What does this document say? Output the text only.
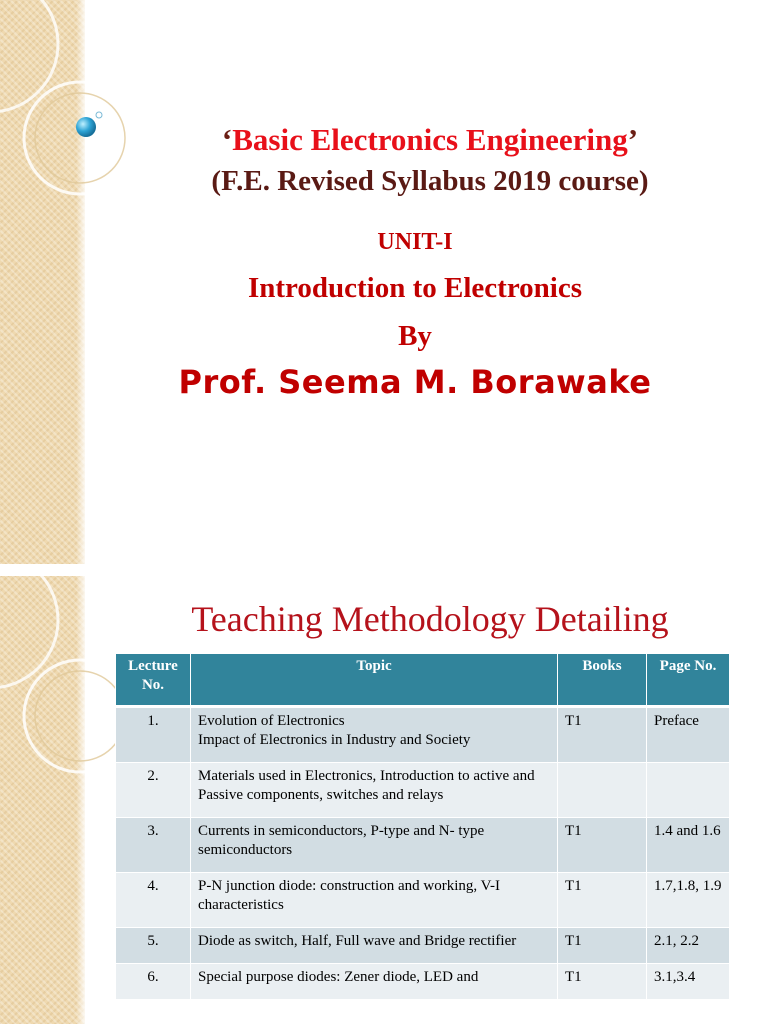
‘Basic Electronics Engineering’
(F.E. Revised Syllabus 2019 course)
UNIT-I
Introduction to Electronics
By
Prof. Seema M. Borawake
Teaching Methodology Detailing
Lecture No.	Topic	Books	Page No.
1.	Evolution of Electronics
Impact of Electronics in Industry and Society	T1	Preface
2.	Materials used in Electronics, Introduction to active and Passive components, switches and relays		
3.	Currents in semiconductors, P-type and N- type semiconductors	T1	1.4 and 1.6
4.	P-N junction diode: construction and working, V-I characteristics	T1	1.7,1.8, 1.9
5.	Diode as switch, Half, Full wave and Bridge rectifier	T1	2.1, 2.2
6.	Special purpose diodes: Zener diode, LED and	T1	3.1,3.4
